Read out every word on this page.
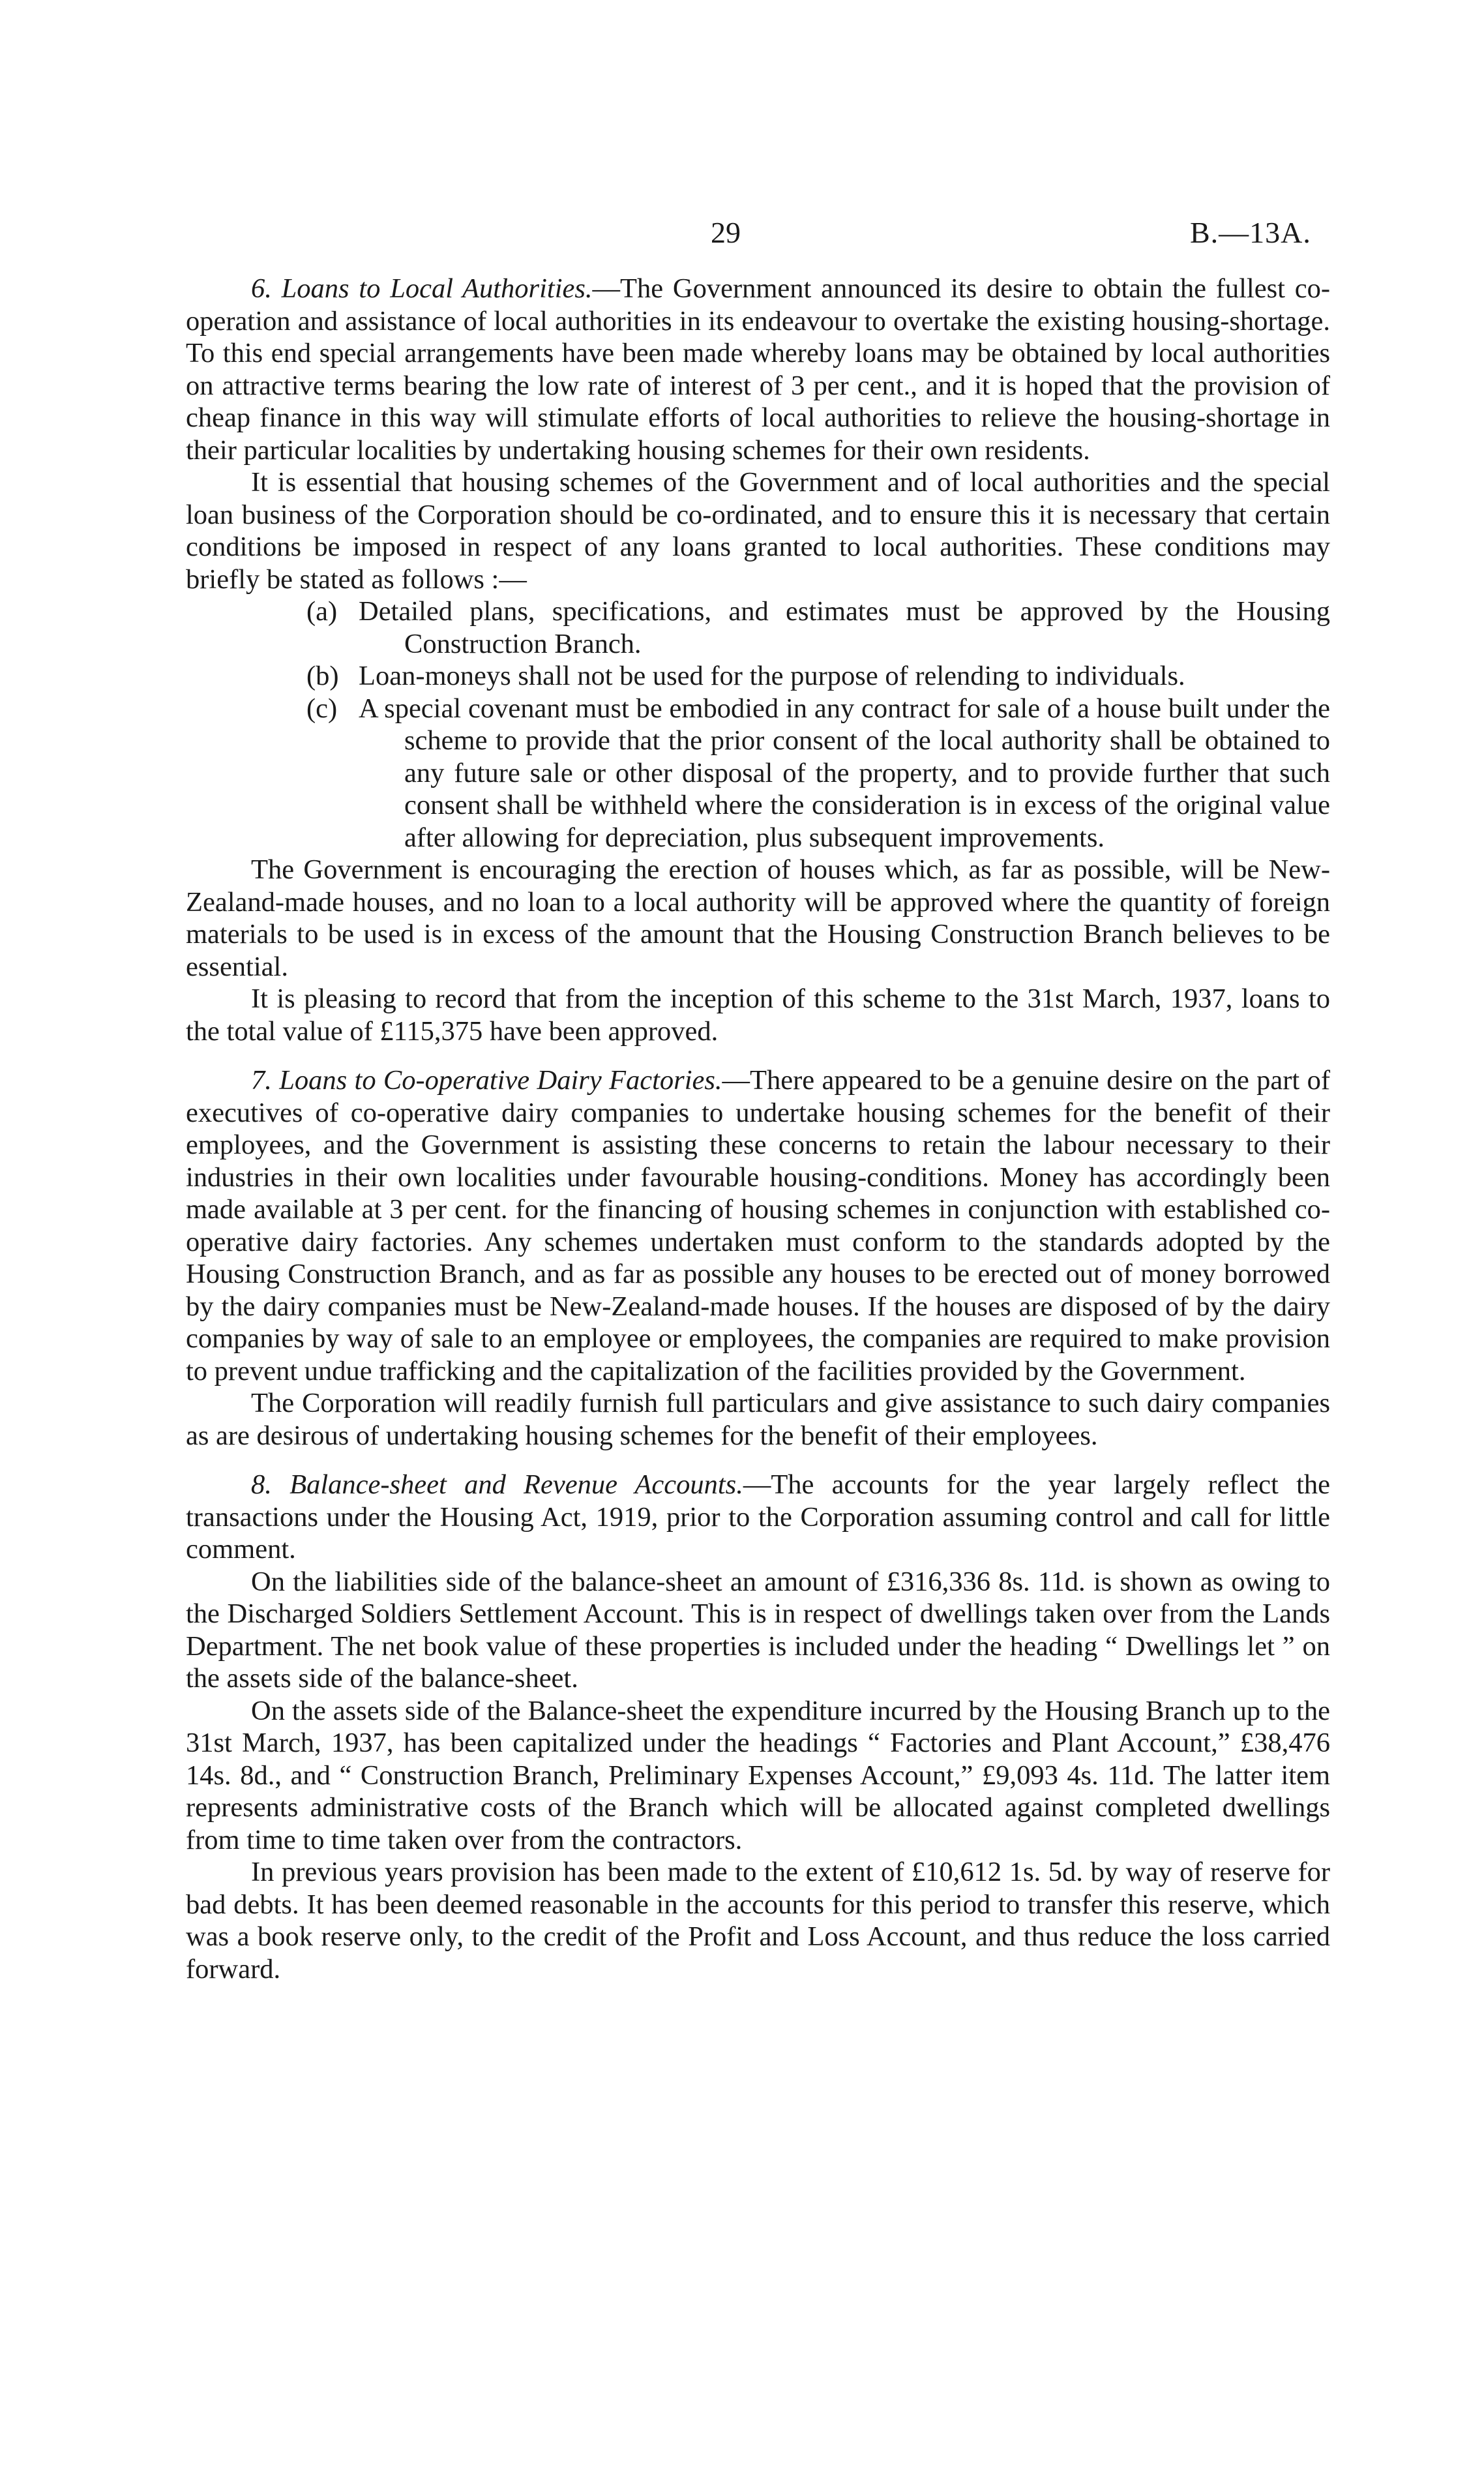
29	B.—13A.

6. Loans to Local Authorities.—The Government announced its desire to obtain the fullest co-operation and assistance of local authorities in its endeavour to overtake the existing housing-shortage. To this end special arrangements have been made whereby loans may be obtained by local authorities on attractive terms bearing the low rate of interest of 3 per cent., and it is hoped that the provision of cheap finance in this way will stimulate efforts of local authorities to relieve the housing-shortage in their particular localities by undertaking housing schemes for their own residents.

It is essential that housing schemes of the Government and of local authorities and the special loan business of the Corporation should be co-ordinated, and to ensure this it is necessary that certain conditions be imposed in respect of any loans granted to local authorities. These conditions may briefly be stated as follows :—

(a) Detailed plans, specifications, and estimates must be approved by the Housing Construction Branch.
(b) Loan-moneys shall not be used for the purpose of relending to individuals.
(c) A special covenant must be embodied in any contract for sale of a house built under the scheme to provide that the prior consent of the local authority shall be obtained to any future sale or other disposal of the property, and to provide further that such consent shall be withheld where the consideration is in excess of the original value after allowing for depreciation, plus subsequent improvements.

The Government is encouraging the erection of houses which, as far as possible, will be New-Zealand-made houses, and no loan to a local authority will be approved where the quantity of foreign materials to be used is in excess of the amount that the Housing Construction Branch believes to be essential.

It is pleasing to record that from the inception of this scheme to the 31st March, 1937, loans to the total value of £115,375 have been approved.

7. Loans to Co-operative Dairy Factories.—There appeared to be a genuine desire on the part of executives of co-operative dairy companies to undertake housing schemes for the benefit of their employees, and the Government is assisting these concerns to retain the labour necessary to their industries in their own localities under favourable housing-conditions. Money has accordingly been made available at 3 per cent. for the financing of housing schemes in conjunction with established co-operative dairy factories. Any schemes undertaken must conform to the standards adopted by the Housing Construction Branch, and as far as possible any houses to be erected out of money borrowed by the dairy companies must be New-Zealand-made houses. If the houses are disposed of by the dairy companies by way of sale to an employee or employees, the companies are required to make provision to prevent undue trafficking and the capitalization of the facilities provided by the Government.

The Corporation will readily furnish full particulars and give assistance to such dairy companies as are desirous of undertaking housing schemes for the benefit of their employees.

8. Balance-sheet and Revenue Accounts.—The accounts for the year largely reflect the transactions under the Housing Act, 1919, prior to the Corporation assuming control and call for little comment.

On the liabilities side of the balance-sheet an amount of £316,336 8s. 11d. is shown as owing to the Discharged Soldiers Settlement Account. This is in respect of dwellings taken over from the Lands Department. The net book value of these properties is included under the heading “ Dwellings let ” on the assets side of the balance-sheet.

On the assets side of the Balance-sheet the expenditure incurred by the Housing Branch up to the 31st March, 1937, has been capitalized under the headings “ Factories and Plant Account,” £38,476 14s. 8d., and “ Construction Branch, Preliminary Expenses Account,” £9,093 4s. 11d. The latter item represents administrative costs of the Branch which will be allocated against completed dwellings from time to time taken over from the contractors.

In previous years provision has been made to the extent of £10,612 1s. 5d. by way of reserve for bad debts. It has been deemed reasonable in the accounts for this period to transfer this reserve, which was a book reserve only, to the credit of the Profit and Loss Account, and thus reduce the loss carried forward.
